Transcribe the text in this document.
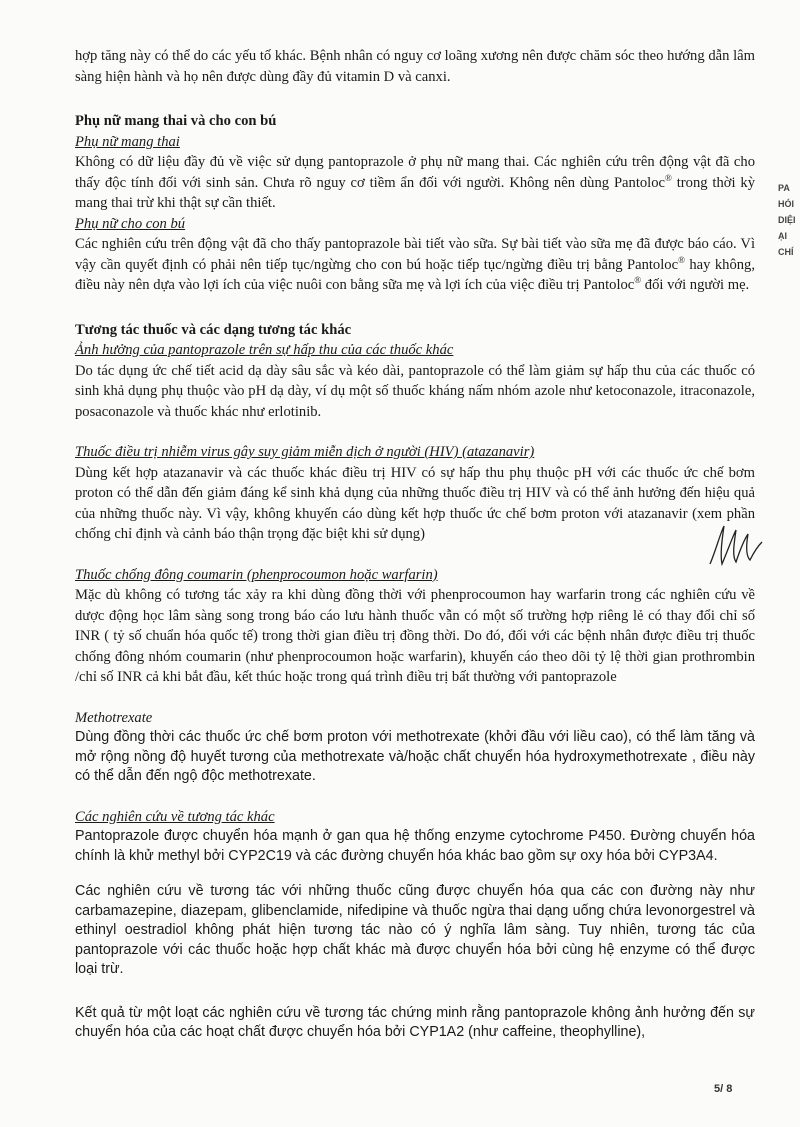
hợp tăng này có thể do các yếu tố khác. Bệnh nhân có nguy cơ loãng xương nên được chăm sóc theo hướng dẫn lâm sàng hiện hành và họ nên được dùng đầy đủ vitamin D và canxi.

Phụ nữ mang thai và cho con bú

Phụ nữ mang thai

Không có dữ liệu đầy đủ về việc sử dụng pantoprazole ở phụ nữ mang thai. Các nghiên cứu trên động vật đã cho thấy độc tính đối với sinh sản. Chưa rõ nguy cơ tiềm ẩn đối với người. Không nên dùng Pantoloc® trong thời kỳ mang thai trừ khi thật sự cần thiết.

Phụ nữ cho con bú

Các nghiên cứu trên động vật đã cho thấy pantoprazole bài tiết vào sữa. Sự bài tiết vào sữa mẹ đã được báo cáo. Vì vậy cần quyết định có phải nên tiếp tục/ngừng cho con bú hoặc tiếp tục/ngừng điều trị bằng Pantoloc® hay không, điều này nên dựa vào lợi ích của việc nuôi con bằng sữa mẹ và lợi ích của việc điều trị Pantoloc® đối với người mẹ.

Tương tác thuốc và các dạng tương tác khác

Ảnh hưởng của pantoprazole trên sự hấp thu của các thuốc khác

Do tác dụng ức chế tiết acid dạ dày sâu sắc và kéo dài, pantoprazole có thể làm giảm sự hấp thu của các thuốc có sinh khả dụng phụ thuộc vào pH dạ dày, ví dụ một số thuốc kháng nấm nhóm azole như ketoconazole, itraconazole, posaconazole và thuốc khác như erlotinib.

Thuốc điều trị nhiễm virus gây suy giảm miễn dịch ở người (HIV) (atazanavir)

Dùng kết hợp atazanavir và các thuốc khác điều trị HIV có sự hấp thu phụ thuộc pH với các thuốc ức chế bơm proton có thể dẫn đến giảm đáng kể sinh khả dụng của những thuốc điều trị HIV và có thể ảnh hưởng đến hiệu quả của những thuốc này. Vì vậy, không khuyến cáo dùng kết hợp thuốc ức chế bơm proton với atazanavir (xem phần chống chỉ định và cảnh báo thận trọng đặc biệt khi sử dụng)

Thuốc chống đông coumarin (phenprocoumon hoặc warfarin)

Mặc dù không có tương tác xảy ra khi dùng đồng thời với phenprocoumon hay warfarin trong các nghiên cứu về dược động học lâm sàng song trong báo cáo lưu hành thuốc vẫn có một số trường hợp riêng lẻ có thay đổi chỉ số INR ( tỷ số chuẩn hóa quốc tế) trong thời gian điều trị đồng thời. Do đó, đối với các bệnh nhân được điều trị thuốc chống đông nhóm coumarin (như phenprocoumon hoặc warfarin), khuyến cáo theo dõi tỷ lệ thời gian prothrombin /chỉ số INR cả khi bắt đầu, kết thúc hoặc trong quá trình điều trị bất thường với pantoprazole

Methotrexate

Dùng đồng thời các thuốc ức chế bơm proton với methotrexate (khởi đầu với liều cao), có thể làm tăng và mở rộng nồng độ huyết tương của methotrexate và/hoặc chất chuyển hóa hydroxymethotrexate , điều này có thể dẫn đến ngộ độc methotrexate.

Các nghiên cứu về tương tác khác

Pantoprazole được chuyển hóa mạnh ở gan qua hệ thống enzyme cytochrome P450. Đường chuyển hóa chính là khử methyl bởi CYP2C19 và các đường chuyển hóa khác bao gồm sự oxy hóa bởi CYP3A4.

Các nghiên cứu về tương tác với những thuốc cũng được chuyển hóa qua các con đường này như carbamazepine, diazepam, glibenclamide, nifedipine và thuốc ngừa thai dạng uống chứa levonorgestrel và ethinyl oestradiol không phát hiện tương tác nào có ý nghĩa lâm sàng. Tuy nhiên, tương tác của pantoprazole với các thuốc hoặc hợp chất khác mà được chuyển hóa bởi cùng hệ enzyme có thể được loại trừ.

Kết quả từ một loạt các nghiên cứu về tương tác chứng minh rằng pantoprazole không ảnh hưởng đến sự chuyển hóa của các hoạt chất được chuyển hóa bởi CYP1A2 (như caffeine, theophylline),

PA
HÓI
DIỆI
ẠI
CHÍ
5/ 8
